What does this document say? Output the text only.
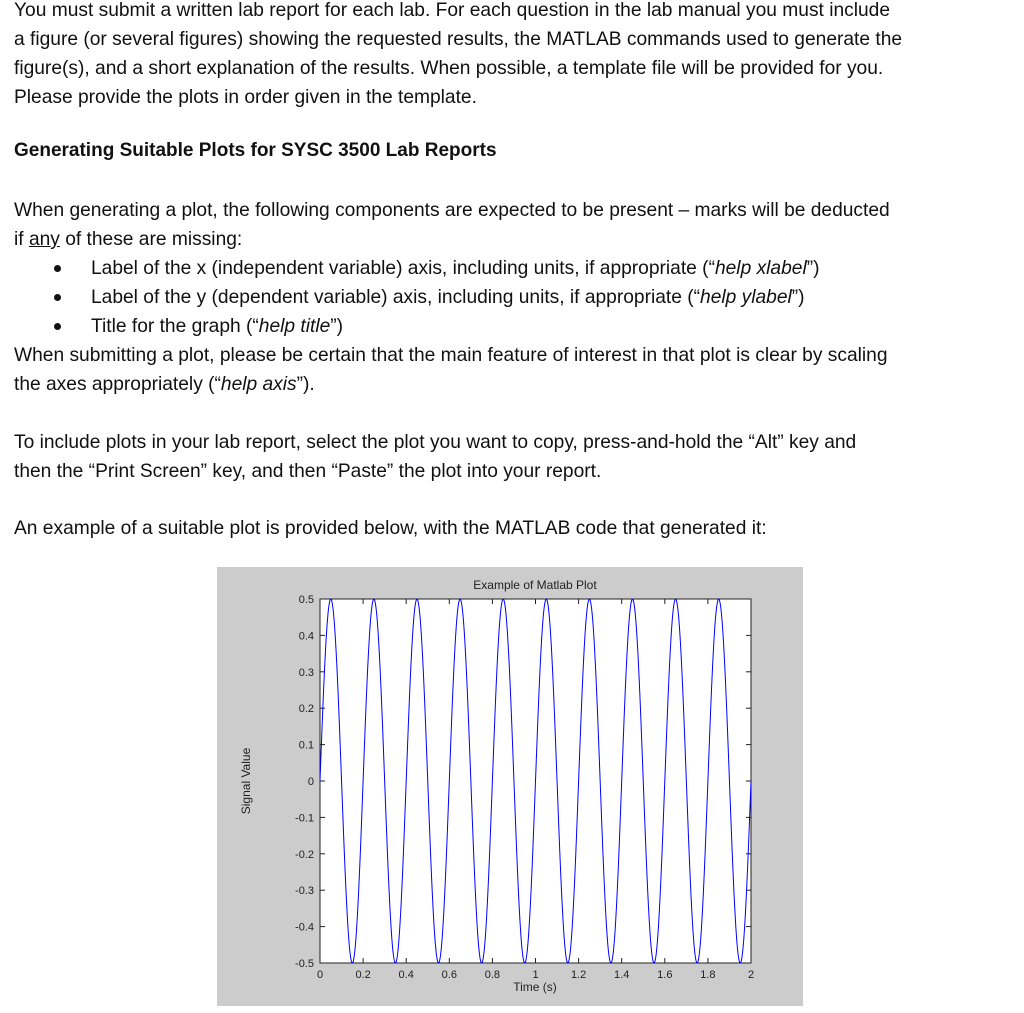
You must submit a written lab report for each lab. For each question in the lab manual you must include
a figure (or several figures) showing the requested results, the MATLAB commands used to generate the
figure(s), and a short explanation of the results. When possible, a template file will be provided for you.
Please provide the plots in order given in the template.

Generating Suitable Plots for SYSC 3500 Lab Reports

When generating a plot, the following components are expected to be present – marks will be deducted
if any of these are missing:

Label of the x (independent variable) axis, including units, if appropriate (“help xlabel”)
Label of the y (dependent variable) axis, including units, if appropriate (“help ylabel”)
Title for the graph (“help title”)

When submitting a plot, please be certain that the main feature of interest in that plot is clear by scaling
the axes appropriately (“help axis”).

To include plots in your lab report, select the plot you want to copy, press-and-hold the “Alt” key and
then the “Print Screen” key, and then “Paste” the plot into your report.

An example of a suitable plot is provided below, with the MATLAB code that generated it:

Example of Matlab Plot
Time (s)
Signal Value
0	0.2	0.4	0.6	0.8	1	1.2	1.4	1.6	1.8	2
0.5
0.4
0.3
0.2
0.1
0
-0.1
-0.2
-0.3
-0.4
-0.5
